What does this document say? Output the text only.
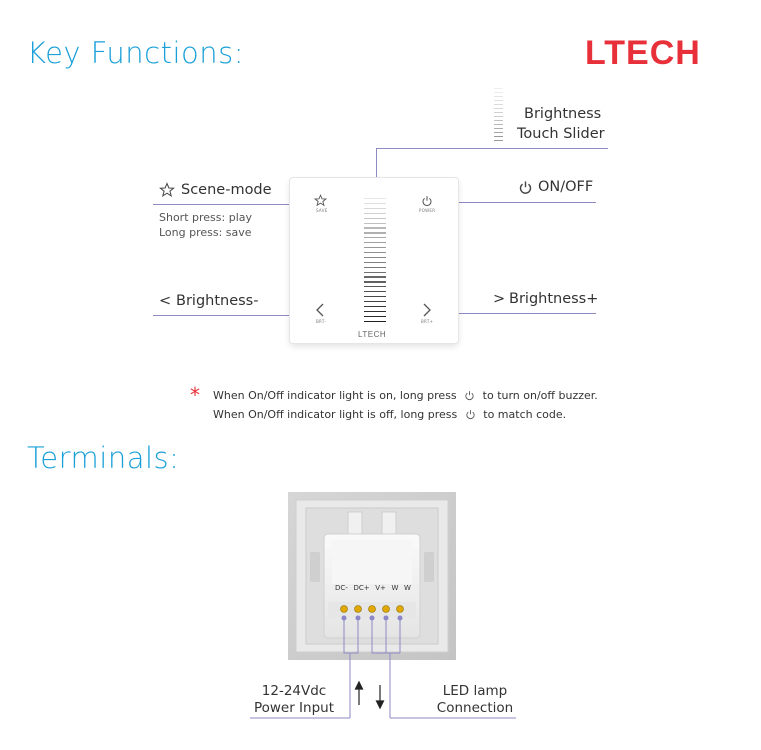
Key Functions:	LTECH
Brightness
Touch Slider
Scene-mode
Short press: play
Long press: save
ON/OFF
< Brightness-	> Brightness+
SAVE	POWER
BRT-	BRT+
LTECH
* When On/Off indicator light is on, long press to turn on/off buzzer.
When On/Off indicator light is off, long press to match code.
Terminals:
DC- DC+ V+ W W
12-24Vdc
Power Input
LED lamp
Connection
